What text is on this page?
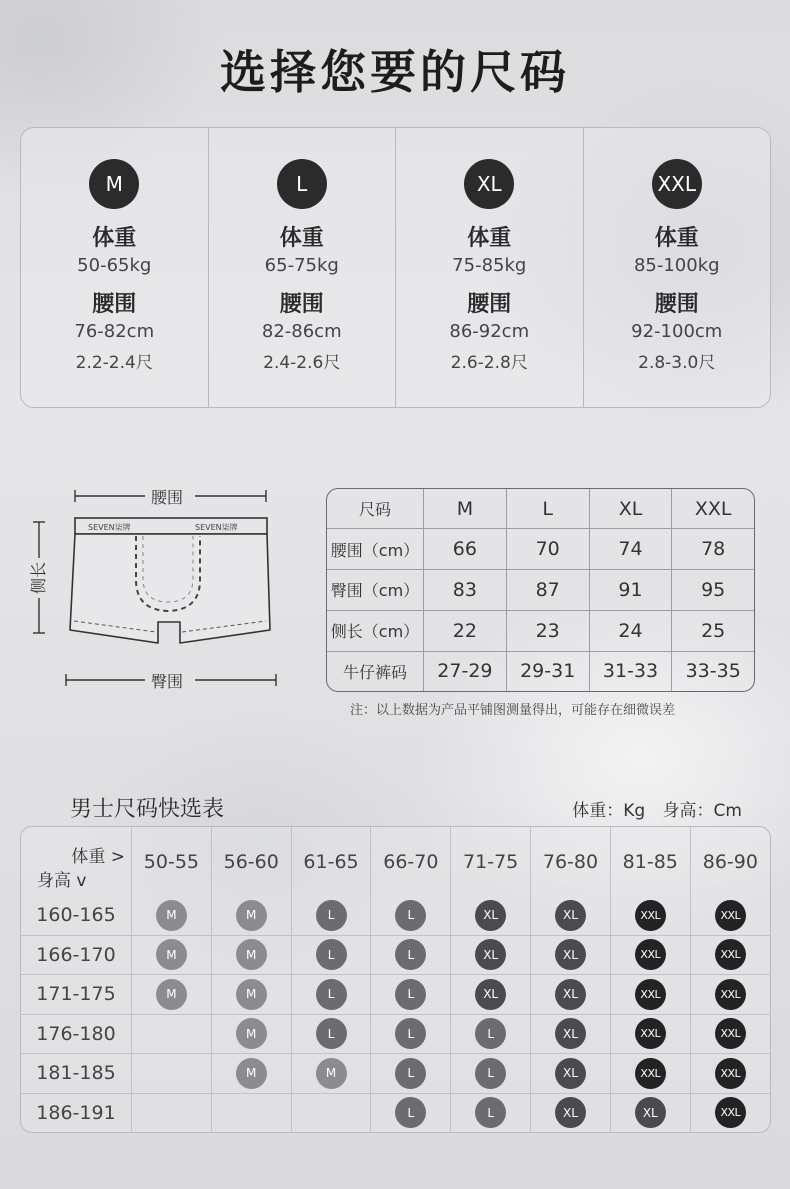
选择您要的尺码
M
体重
50-65kg
腰围
76-82cm
2.2-2.4尺
L
体重
65-75kg
腰围
82-86cm
2.4-2.6尺
XL
体重
75-85kg
腰围
86-92cm
2.6-2.8尺
XXL
体重
85-100kg
腰围
92-100cm
2.8-3.0尺
SEVEN柒牌	SEVEN柒牌
腰围
臀围
侧长
尺码	M	L	XL	XXL
腰围（cm）	66	70	74	78
臀围（cm）	83	87	91	95
侧长（cm）	22	23	24	25
牛仔裤码	27-29	29-31	31-33	33-35
注：以上数据为产品平铺图测量得出，可能存在细微误差
男士尺码快选表	体重：Kg 身高：Cm
体重 >
身高 v	50-55	56-60	61-65	66-70	71-75	76-80	81-85	86-90
160-165	M	M	L	L	XL	XL	XXL	XXL
166-170	M	M	L	L	XL	XL	XXL	XXL
171-175	M	M	L	L	XL	XL	XXL	XXL
176-180		M	L	L	L	XL	XXL	XXL
181-185		M	M	L	L	XL	XXL	XXL
186-191				L	L	XL	XL	XXL
